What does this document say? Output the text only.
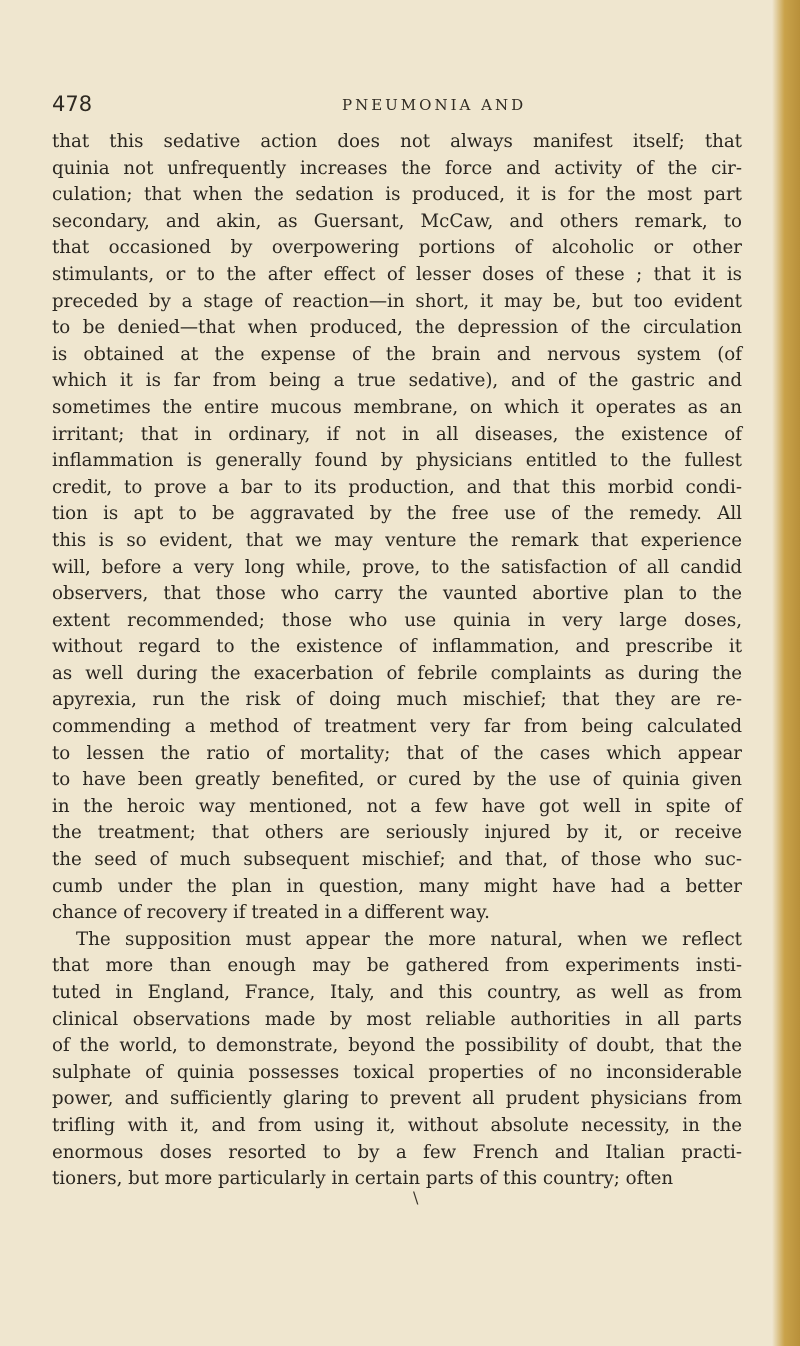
478	PNEUMONIA AND
that this sedative action does not always manifest itself; that
quinia not unfrequently increases the force and activity of the cir-
culation; that when the sedation is produced, it is for the most part
secondary, and akin, as Guersant, McCaw, and others remark, to
that occasioned by overpowering portions of alcoholic or other
stimulants, or to the after effect of lesser doses of these ; that it is
preceded by a stage of reaction—in short, it may be, but too evident
to be denied—that when produced, the depression of the circulation
is obtained at the expense of the brain and nervous system (of
which it is far from being a true sedative), and of the gastric and
sometimes the entire mucous membrane, on which it operates as an
irritant; that in ordinary, if not in all diseases, the existence of
inflammation is generally found by physicians entitled to the fullest
credit, to prove a bar to its production, and that this morbid condi-
tion is apt to be aggravated by the free use of the remedy. All
this is so evident, that we may venture the remark that experience
will, before a very long while, prove, to the satisfaction of all candid
observers, that those who carry the vaunted abortive plan to the
extent recommended; those who use quinia in very large doses,
without regard to the existence of inflammation, and prescribe it
as well during the exacerbation of febrile complaints as during the
apyrexia, run the risk of doing much mischief; that they are re-
commending a method of treatment very far from being calculated
to lessen the ratio of mortality; that of the cases which appear
to have been greatly benefited, or cured by the use of quinia given
in the heroic way mentioned, not a few have got well in spite of
the treatment; that others are seriously injured by it, or receive
the seed of much subsequent mischief; and that, of those who suc-
cumb under the plan in question, many might have had a better
chance of recovery if treated in a different way.
The supposition must appear the more natural, when we reflect
that more than enough may be gathered from experiments insti-
tuted in England, France, Italy, and this country, as well as from
clinical observations made by most reliable authorities in all parts
of the world, to demonstrate, beyond the possibility of doubt, that the
sulphate of quinia possesses toxical properties of no inconsiderable
power, and sufficiently glaring to prevent all prudent physicians from
trifling with it, and from using it, without absolute necessity, in the
enormous doses resorted to by a few French and Italian practi-
tioners, but more particularly in certain parts of this country; often
\
